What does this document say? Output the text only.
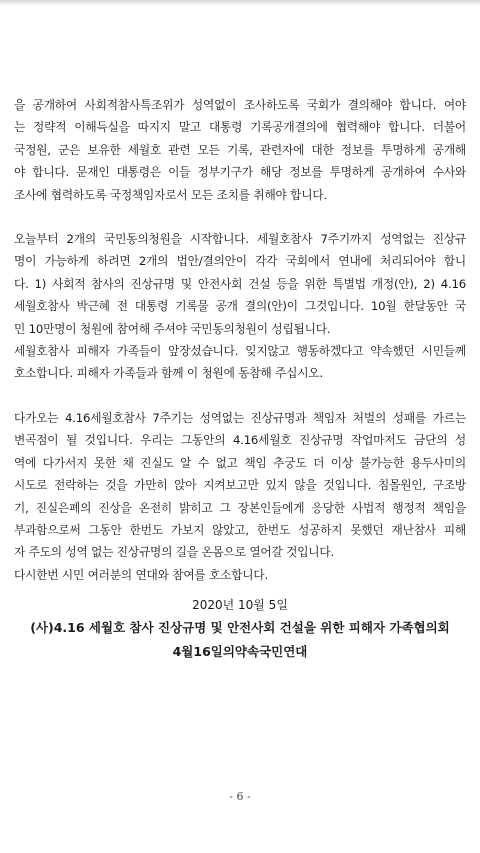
을 공개하여 사회적참사특조위가 성역없이 조사하도록 국회가 결의해야 합니다. 여야
는 정략적 이해득실을 따지지 말고 대통령 기록공개결의에 협력해야 합니다. 더불어
국정원, 군은 보유한 세월호 관련 모든 기록, 관련자에 대한 정보를 투명하게 공개해
야 합니다. 문재인 대통령은 이들 정부기구가 해당 정보를 투명하게 공개하여 수사와
조사에 협력하도록 국정책임자로서 모든 조치를 취해야 합니다.
오늘부터 2개의 국민동의청원을 시작합니다. 세월호참사 7주기까지 성역없는 진상규
명이 가능하게 하려면 2개의 법안/결의안이 각각 국회에서 연내에 처리되어야 합니
다. 1) 사회적 참사의 진상규명 및 안전사회 건설 등을 위한 특별법 개정(안), 2) 4.16
세월호참사 박근혜 전 대통령 기록물 공개 결의(안)이 그것입니다. 10월 한달동안 국
민 10만명이 청원에 참여해 주셔야 국민동의청원이 성립됩니다.
세월호참사 피해자 가족들이 앞장섰습니다. 잊지않고 행동하겠다고 약속했던 시민들께
호소합니다. 피해자 가족들과 함께 이 청원에 동참해 주십시오.
다가오는 4.16세월호참사 7주기는 성역없는 진상규명과 책임자 처벌의 성패를 가르는
변곡점이 될 것입니다. 우리는 그동안의 4.16세월호 진상규명 작업마저도 금단의 성
역에 다가서지 못한 채 진실도 알 수 없고 책임 추궁도 더 이상 불가능한 용두사미의
시도로 전락하는 것을 가만히 앉아 지켜보고만 있지 않을 것입니다. 침몰원인, 구조방
기, 진실은폐의 진상을 온전히 밝히고 그 장본인들에게 응당한 사법적 행정적 책임을
부과함으로써 그동안 한번도 가보지 않았고, 한번도 성공하지 못했던 재난참사 피해
자 주도의 성역 없는 진상규명의 길을 온몸으로 열어갈 것입니다.
다시한번 시민 여러분의 연대와 참여를 호소합니다.
2020년 10월 5일
(사)4.16 세월호 참사 진상규명 및 안전사회 건설을 위한 피해자 가족협의회
4월16일의약속국민연대
- 6 -
